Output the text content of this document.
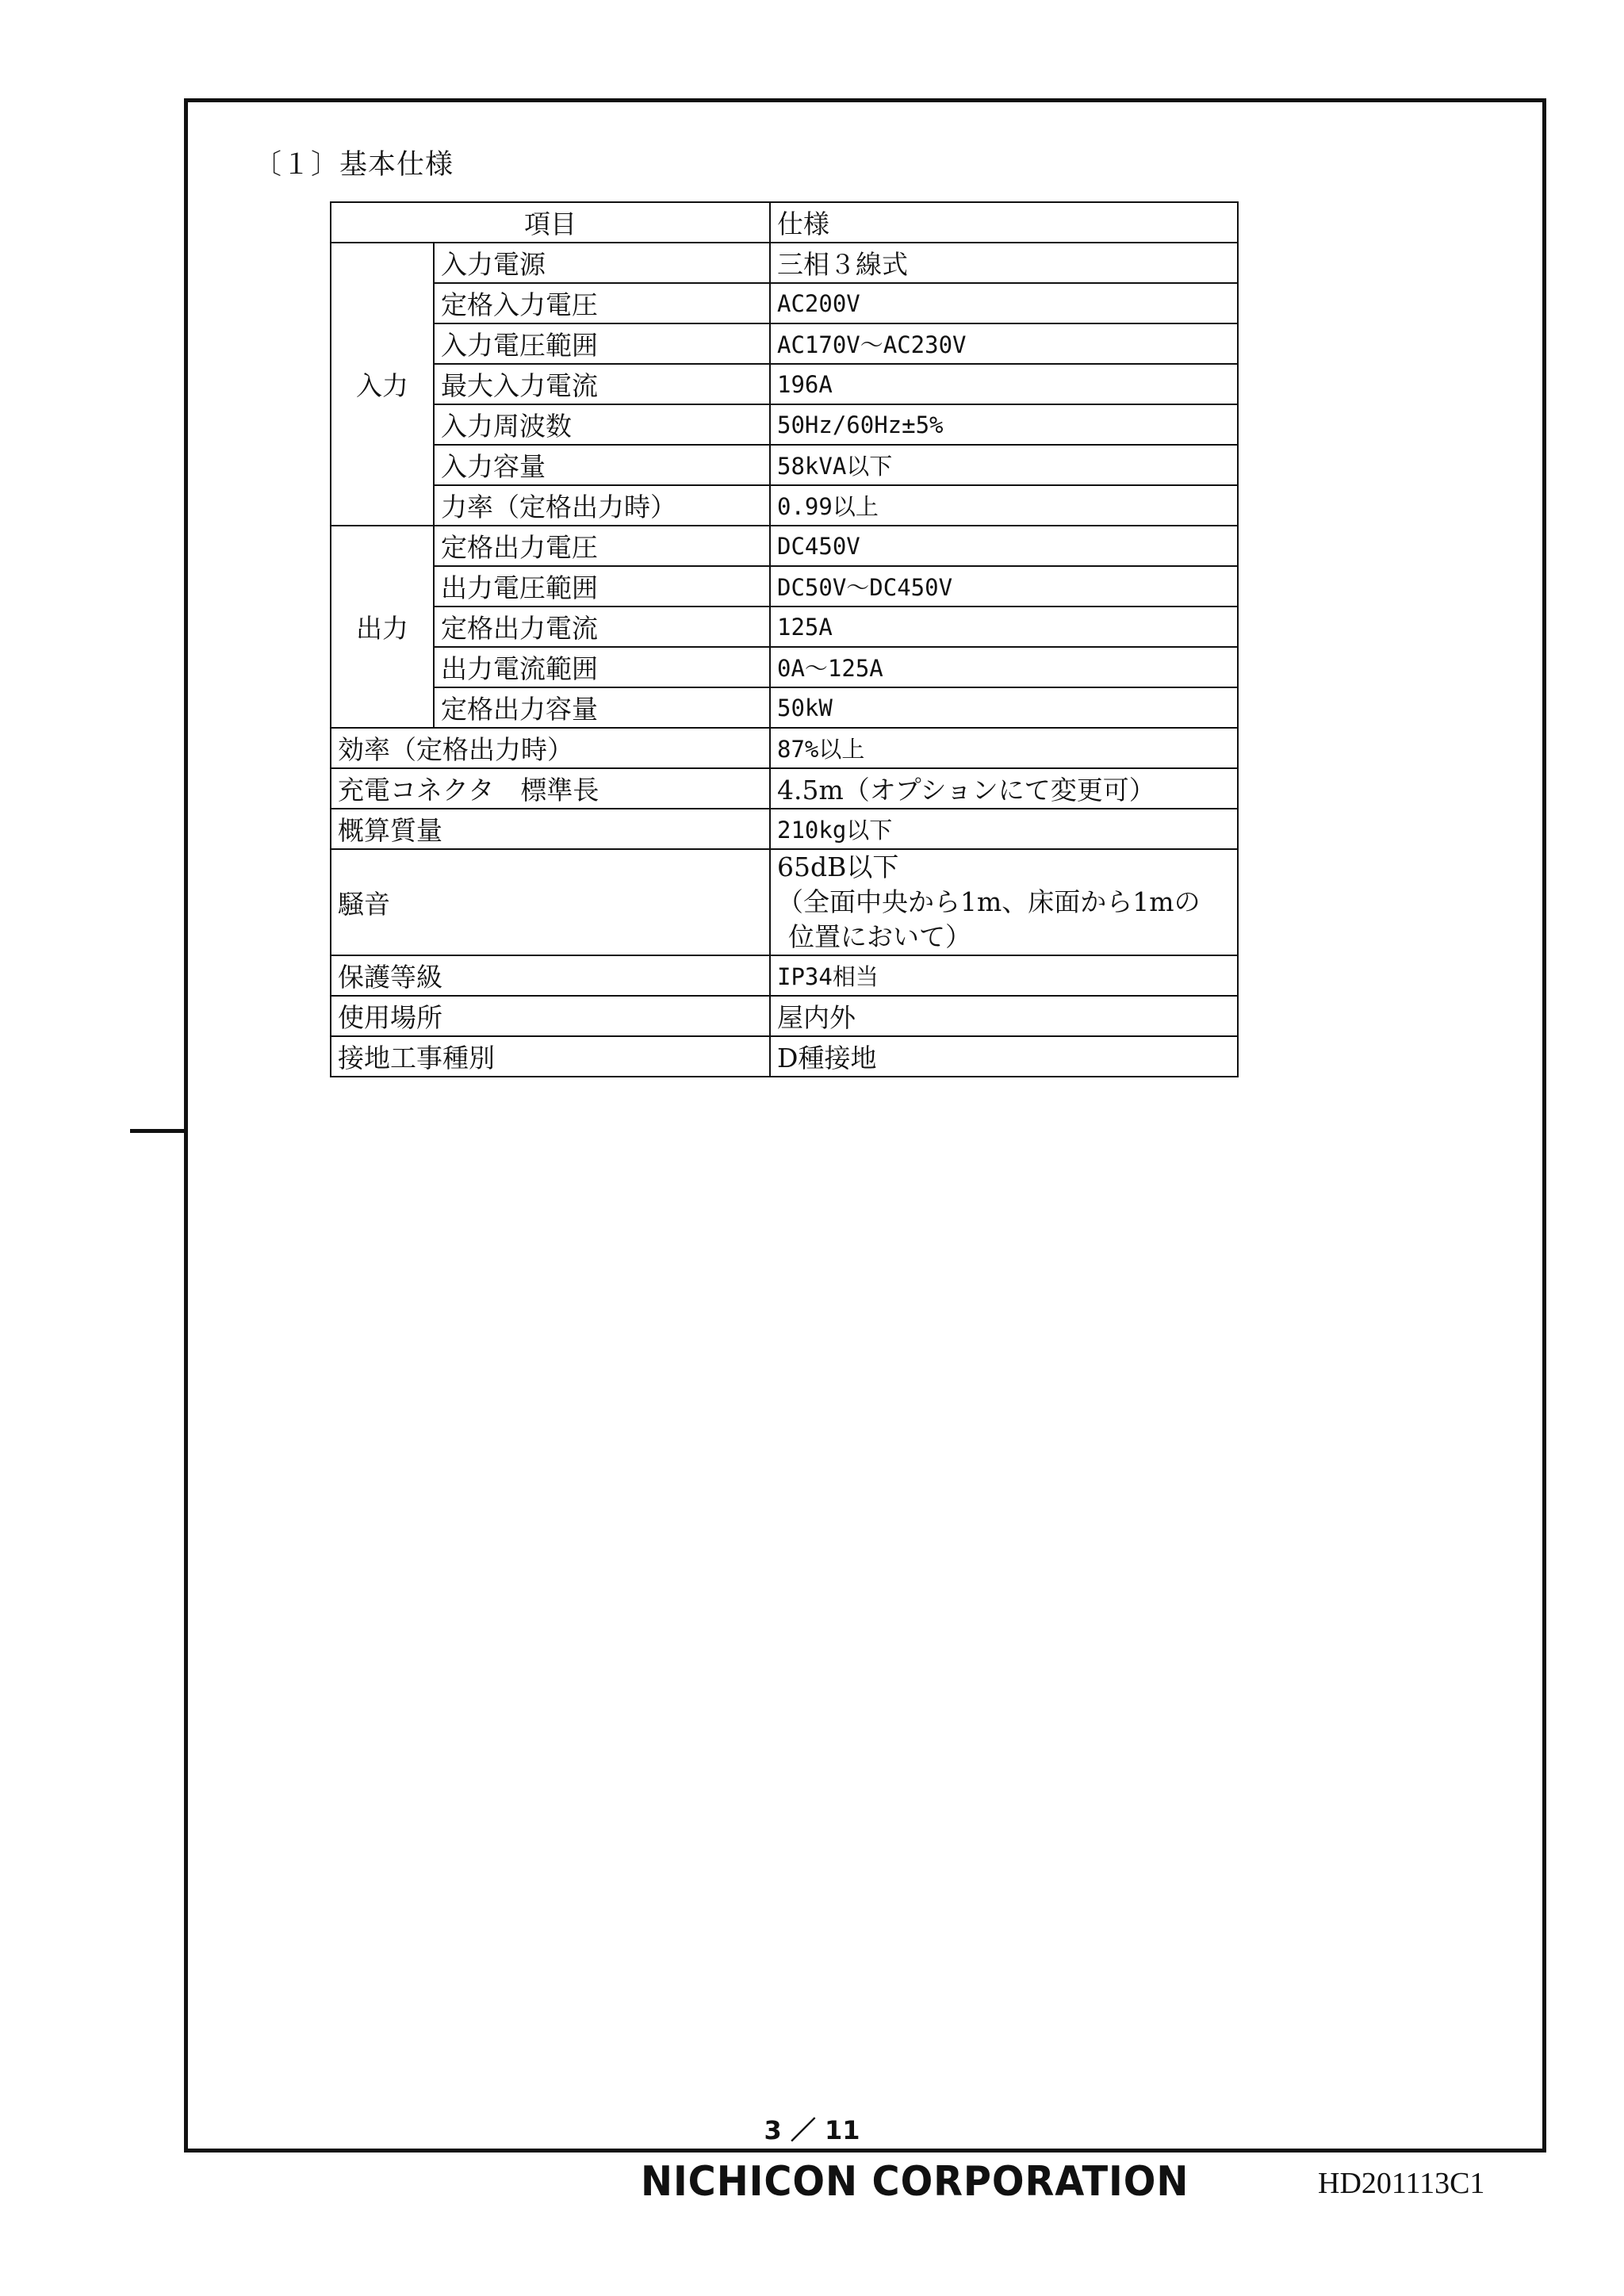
〔１〕基本仕様
項目		仕様
入力	入力電源	三相３線式
	定格入力電圧	AC200V
	入力電圧範囲	AC170V～AC230V
	最大入力電流	196A
	入力周波数	50Hz/60Hz±5%
	入力容量	58kVA以下
	力率（定格出力時）	0.99以上
出力	定格出力電圧	DC450V
	出力電圧範囲	DC50V～DC450V
	定格出力電流	125A
	出力電流範囲	0A～125A
	定格出力容量	50kW
効率（定格出力時）		87%以上
充電コネクタ　標準長		4.5m（オプションにて変更可）
概算質量		210kg以下
騒音		65dB以下
（全面中央から1m、床面から1mの
位置において）

保護等級		IP34相当
使用場所		屋内外
接地工事種別		D種接地
3 ／ 11
NICHICON CORPORATION	HD201113C1
